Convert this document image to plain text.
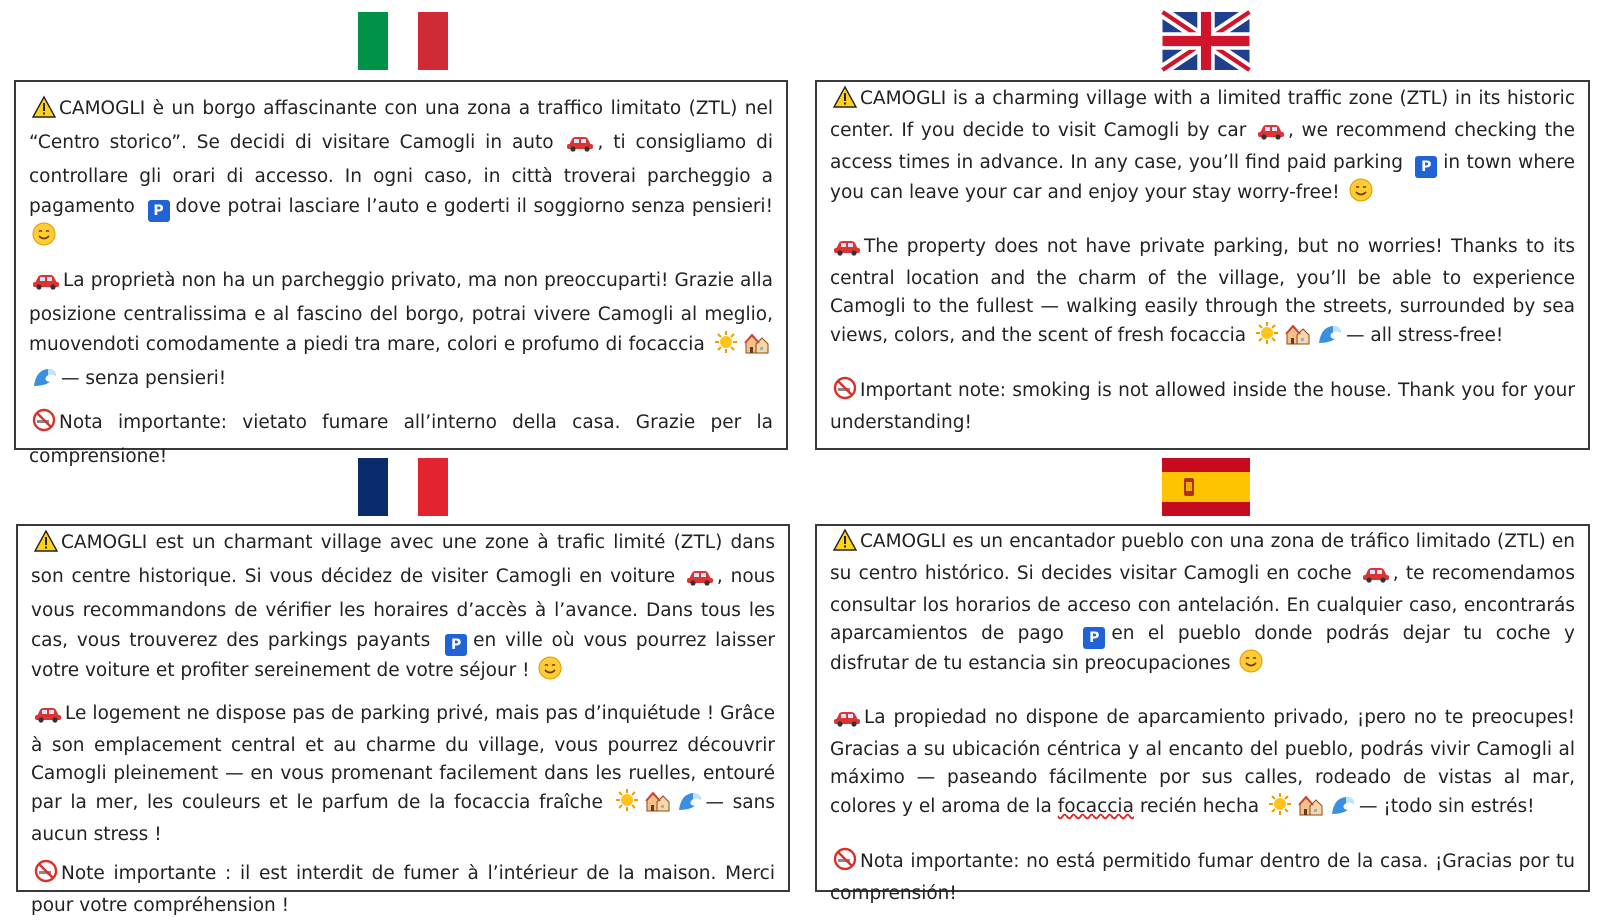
CAMOGLI è un borgo affascinante con una zona a traffico limitato (ZTL) nel “Centro storico”. Se decidi di visitare Camogli in auto , ti consigliamo di controllare gli orari di accesso. In ogni caso, in città troverai parcheggio a pagamento P dove potrai lasciare l’auto e goderti il soggiorno senza pensieri!

La proprietà non ha un parcheggio privato, ma non preoccuparti! Grazie alla posizione centralissima e al fascino del borgo, potrai vivere Camogli al meglio, muovendoti comodamente a piedi tra mare, colori e profumo di focaccia — senza pensieri!

Nota importante: vietato fumare all’interno della casa. Grazie per la comprensione!

CAMOGLI is a charming village with a limited traffic zone (ZTL) in its historic center. If you decide to visit Camogli by car , we recommend checking the access times in advance. In any case, you’ll find paid parking P in town where you can leave your car and enjoy your stay worry-free!

The property does not have private parking, but no worries! Thanks to its central location and the charm of the village, you’ll be able to experience Camogli to the fullest — walking easily through the streets, surrounded by sea views, colors, and the scent of fresh focaccia	— all stress-free!

Important note: smoking is not allowed inside the house. Thank you for your understanding!

CAMOGLI est un charmant village avec une zone à trafic limité (ZTL) dans son centre historique. Si vous décidez de visiter Camogli en voiture , nous vous recommandons de vérifier les horaires d’accès à l’avance. Dans tous les cas, vous trouverez des parkings payants P en ville où vous pourrez laisser votre voiture et profiter sereinement de votre séjour !

Le logement ne dispose pas de parking privé, mais pas d’inquiétude ! Grâce à son emplacement central et au charme du village, vous pourrez découvrir Camogli pleinement — en vous promenant facilement dans les ruelles, entouré par la mer, les couleurs et le parfum de la focaccia fraîche	— sans aucun stress !

Note importante : il est interdit de fumer à l’intérieur de la maison. Merci pour votre compréhension !

CAMOGLI es un encantador pueblo con una zona de tráfico limitado (ZTL) en su centro histórico. Si decides visitar Camogli en coche , te recomendamos consultar los horarios de acceso con antelación. En cualquier caso, encontrarás aparcamientos de pago P en el pueblo donde podrás dejar tu coche y disfrutar de tu estancia sin preocupaciones

La propiedad no dispone de aparcamiento privado, ¡pero no te preocupes! Gracias a su ubicación céntrica y al encanto del pueblo, podrás vivir Camogli al máximo — paseando fácilmente por sus calles, rodeado de vistas al mar, colores y el aroma de la focaccia recién hecha	— ¡todo sin estrés!

Nota importante: no está permitido fumar dentro de la casa. ¡Gracias por tu comprensión!
